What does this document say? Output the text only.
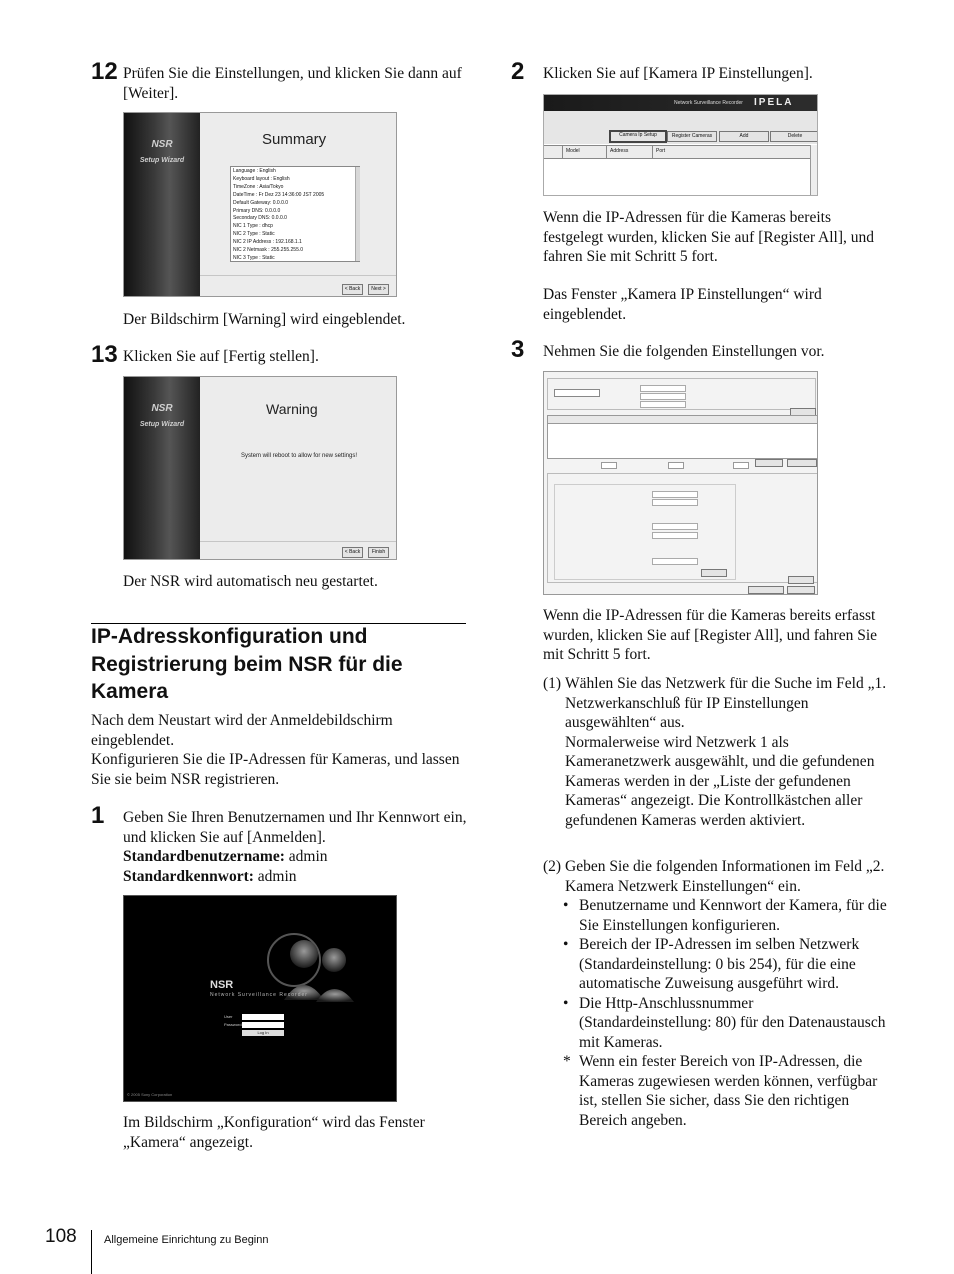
12 Prüfen Sie die Einstellungen, und klicken Sie dann auf [Weiter].
NSR
Setup Wizard
Summary
Language : English
Keyboard layout : English
TimeZone : Asia/Tokyo
DateTime : Fr Dez 23 14:36:00 JST 2005
Default Gateway: 0.0.0.0
Primary DNS: 0.0.0.0
Secondary DNS: 0.0.0.0
NIC 1 Type : dhcp
NIC 2 Type : Static
NIC 2 IP Address : 192.168.1.1
NIC 2 Netmask : 255.255.255.0
NIC 3 Type : Static
< Back	Next >
Der Bildschirm [Warning] wird eingeblendet.
13 Klicken Sie auf [Fertig stellen].
NSR
Setup Wizard
Warning
System will reboot to allow for new settings!
< Back	Finish
Der NSR wird automatisch neu gestartet.
IP-Adresskonfiguration und Registrierung beim NSR für die Kamera
Nach dem Neustart wird der Anmeldebildschirm eingeblendet.
Konfigurieren Sie die IP-Adressen für Kameras, und lassen Sie sie beim NSR registrieren.
1 Geben Sie Ihren Benutzernamen und Ihr Kennwort ein, und klicken Sie auf [Anmelden].
Standardbenutzername: admin
Standardkennwort: admin
NSR
Network Surveillance Recorder
User
Password
Log In
© 2005 Sony Corporation
Im Bildschirm „Konfiguration“ wird das Fenster „Kamera“ angezeigt.
2 Klicken Sie auf [Kamera IP Einstellungen].
Network Surveillance Recorder IPELA
Camera Ip Setup	Register Cameras	Add	Delete
Model	Address	Port
Wenn die IP-Adressen für die Kameras bereits festgelegt wurden, klicken Sie auf [Register All], und fahren Sie mit Schritt 5 fort.
Das Fenster „Kamera IP Einstellungen“ wird eingeblendet.
3 Nehmen Sie die folgenden Einstellungen vor.
Wenn die IP-Adressen für die Kameras bereits erfasst wurden, klicken Sie auf [Register All], und fahren Sie mit Schritt 5 fort.
(1) Wählen Sie das Netzwerk für die Suche im Feld „1. Netzwerkanschluß für IP Einstellungen ausgewählten“ aus.
Normalerweise wird Netzwerk 1 als Kameranetzwerk ausgewählt, und die gefundenen Kameras werden in der „Liste der gefundenen Kameras“ angezeigt. Die Kontrollkästchen aller gefundenen Kameras werden aktiviert.
(2) Geben Sie die folgenden Informationen im Feld „2. Kamera Netzwerk Einstellungen“ ein.
• Benutzername und Kennwort der Kamera, für die Sie Einstellungen konfigurieren.
• Bereich der IP-Adressen im selben Netzwerk (Standardeinstellung: 0 bis 254), für die eine automatische Zuweisung ausgeführt wird.
• Die Http-Anschlussnummer (Standardeinstellung: 80) für den Datenaustausch mit Kameras.
* Wenn ein fester Bereich von IP-Adressen, die Kameras zugewiesen werden können, verfügbar ist, stellen Sie sicher, dass Sie den richtigen Bereich angeben.
108 Allgemeine Einrichtung zu Beginn
